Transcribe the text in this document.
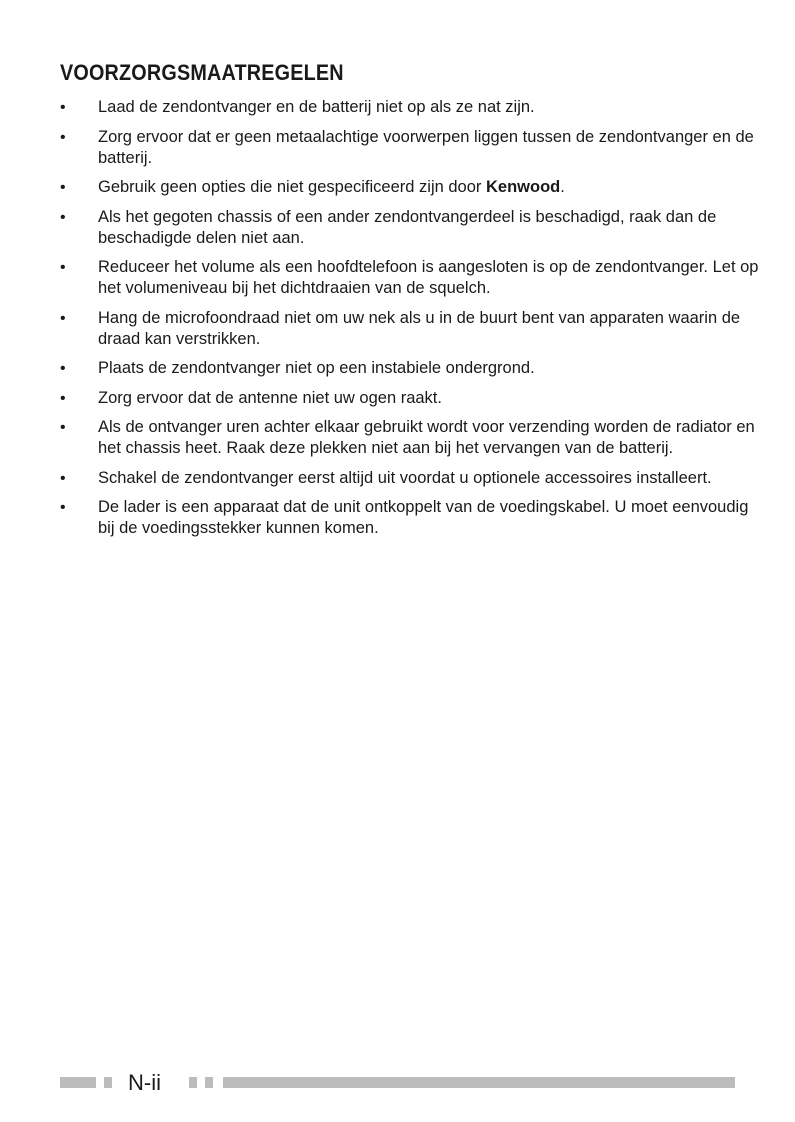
VOORZORGSMAATREGELEN
• Laad de zendontvanger en de batterij niet op als ze nat zijn.
• Zorg ervoor dat er geen metaalachtige voorwerpen liggen tussen de zendontvanger en de batterij.
• Gebruik geen opties die niet gespecificeerd zijn door Kenwood.
• Als het gegoten chassis of een ander zendontvangerdeel is beschadigd, raak dan de beschadigde delen niet aan.
• Reduceer het volume als een hoofdtelefoon is aangesloten is op de zendontvanger. Let op het volumeniveau bij het dichtdraaien van de squelch.
• Hang de microfoondraad niet om uw nek als u in de buurt bent van apparaten waarin de draad kan verstrikken.
• Plaats de zendontvanger niet op een instabiele ondergrond.
• Zorg ervoor dat de antenne niet uw ogen raakt.
• Als de ontvanger uren achter elkaar gebruikt wordt voor verzending worden de radiator en het chassis heet. Raak deze plekken niet aan bij het vervangen van de batterij.
• Schakel de zendontvanger eerst altijd uit voordat u optionele accessoires installeert.
• De lader is een apparaat dat de unit ontkoppelt van de voedingskabel. U moet eenvoudig bij de voedingsstekker kunnen komen.
N-ii
